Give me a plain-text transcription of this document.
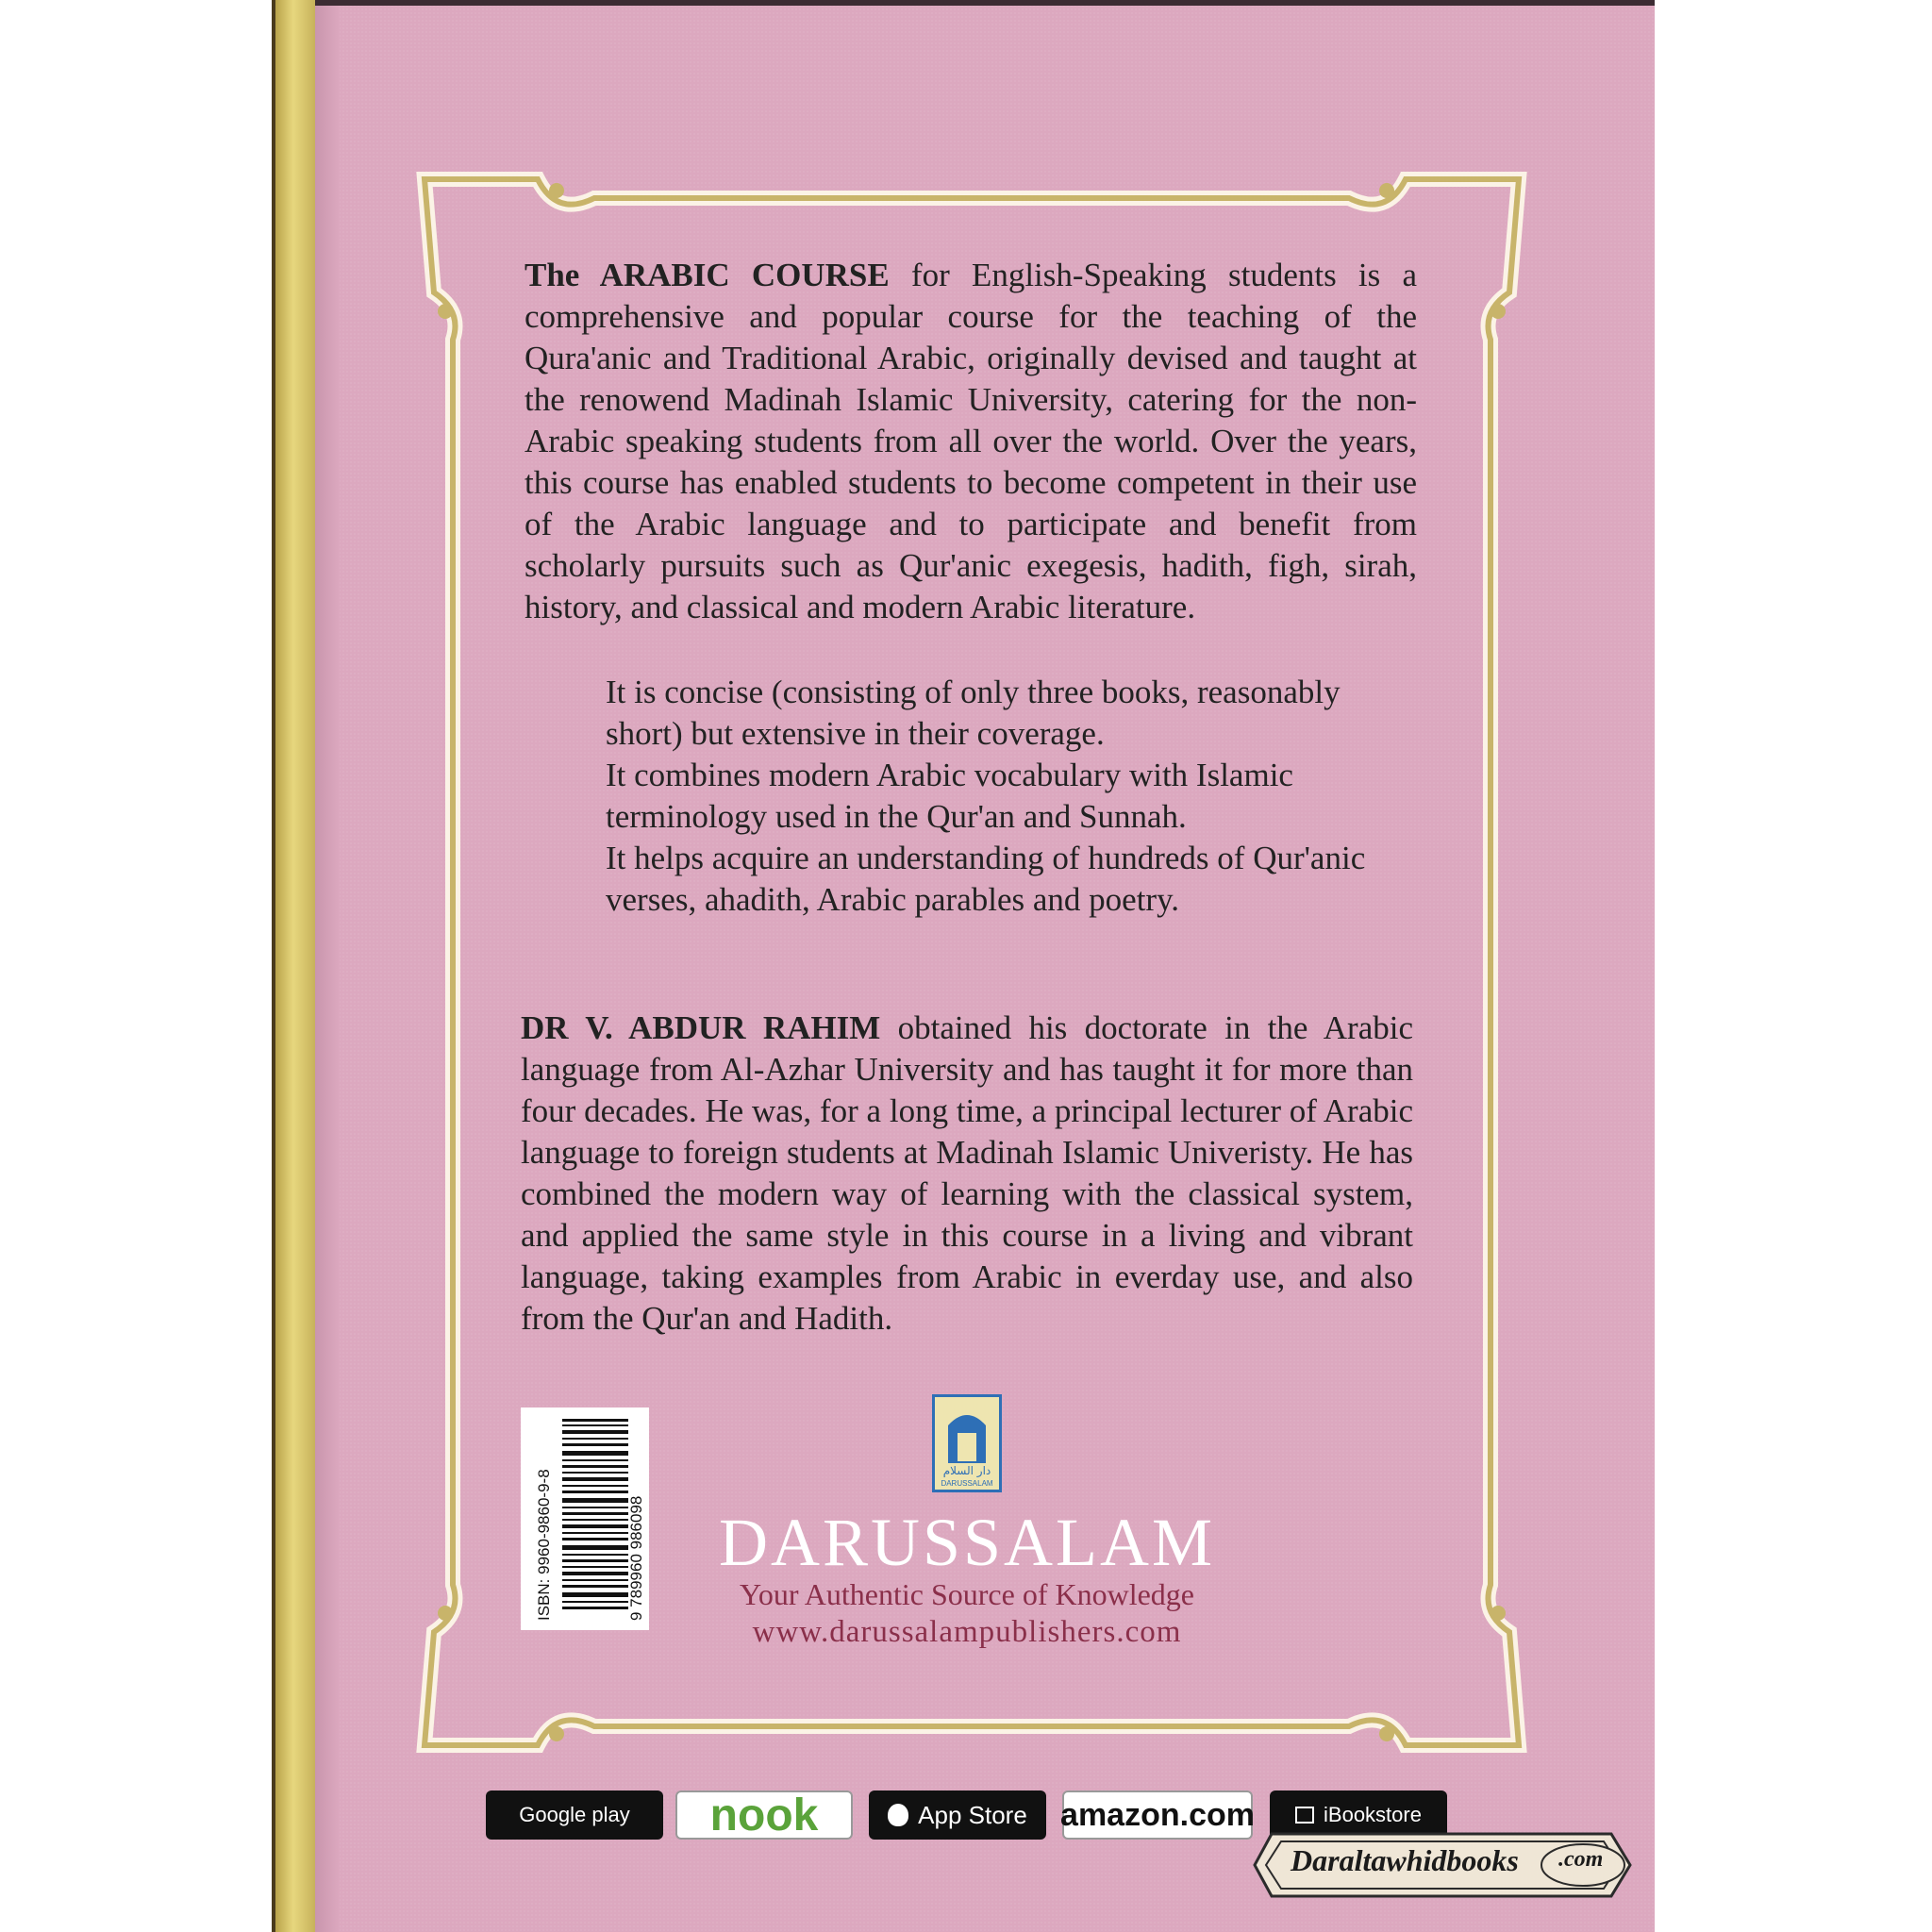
The ARABIC COURSE for English-Speaking students is a comprehensive and popular course for the teaching of the Qura'anic and Traditional Arabic, originally devised and taught at the renowend Madinah Islamic University, catering for the non-Arabic speaking students from all over the world. Over the years, this course has enabled students to become competent in their use of the Arabic language and to participate and benefit from scholarly pursuits such as Qur'anic exegesis, hadith, figh, sirah, history, and classical and modern Arabic literature.
It is concise (consisting of only three books, reasonably short) but extensive in their coverage.
It combines modern Arabic vocabulary with Islamic terminology used in the Qur'an and Sunnah.
It helps acquire an understanding of hundreds of Qur'anic verses, ahadith, Arabic parables and poetry.
DR V. ABDUR RAHIM obtained his doctorate in the Arabic language from Al-Azhar University and has taught it for more than four decades. He was, for a long time, a principal lecturer of Arabic language to foreign students at Madinah Islamic Univeristy. He has combined the modern way of learning with the classical system, and applied the same style in this course in a living and vibrant language, taking examples from Arabic in everday use, and also from the Qur'an and Hadith.
ISBN: 9960-9860-9-8	9 789960 986098
دار السلام
DARUSSALAM
DARUSSALAM
Your Authentic Source of Knowledge
www.darussalampublishers.com
Google play nook	App Store amazon.com	iBookstore
Daraltawhidbooks .com
